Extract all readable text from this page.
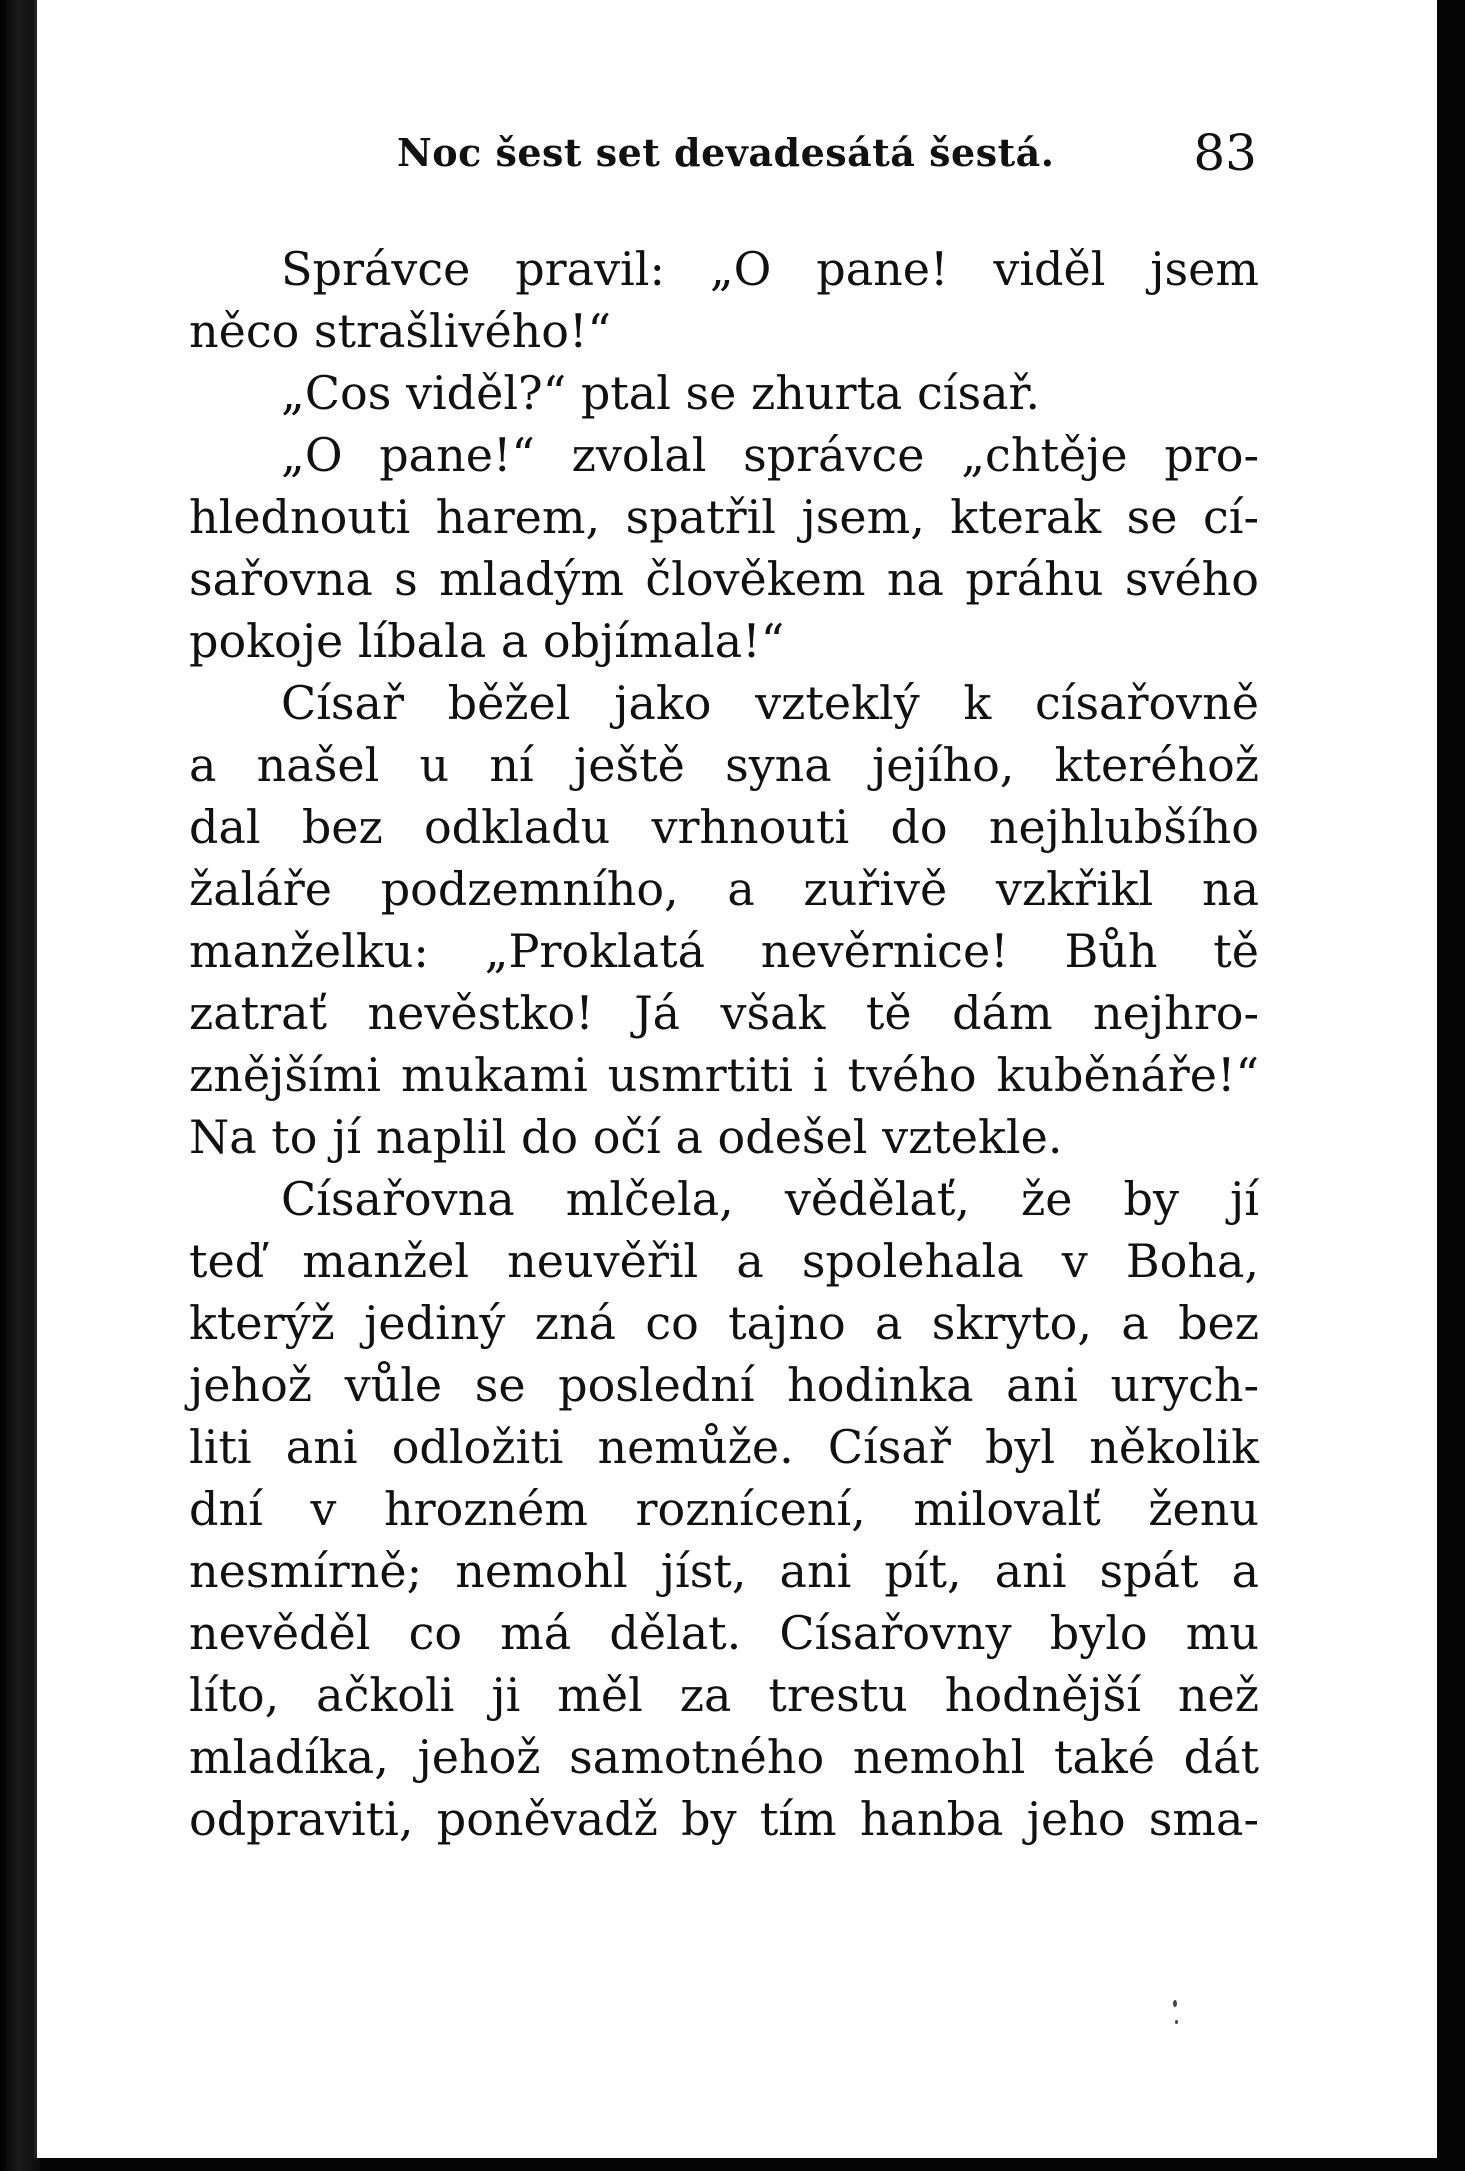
Noc šest set devadesátá šestá.	83
Správce pravil: „O pane! viděl jsem
něco strašlivého!“
„Cos viděl?“ ptal se zhurta císař.
„O pane!“ zvolal správce „chtěje pro-
hlednouti harem, spatřil jsem, kterak se cí-
sařovna s mladým člověkem na práhu svého
pokoje líbala a objímala!“
Císař běžel jako vzteklý k císařovně
a našel u ní ještě syna jejího, kteréhož
dal bez odkladu vrhnouti do nejhlubšího
žaláře podzemního, a zuřivě vzkřikl na
manželku: „Proklatá nevěrnice! Bůh tě
zatrať nevěstko! Já však tě dám nejhro-
znějšími mukami usmrtiti i tvého kuběnáře!“
Na to jí naplil do očí a odešel vztekle.
Císařovna mlčela, vědělať, že by jí
teď manžel neuvěřil a spolehala v Boha,
kterýž jediný zná co tajno a skryto, a bez
jehož vůle se poslední hodinka ani urych-
liti ani odložiti nemůže. Císař byl několik
dní v hrozném roznícení, milovalť ženu
nesmírně; nemohl jíst, ani pít, ani spát a
nevěděl co má dělat. Císařovny bylo mu
líto, ačkoli ji měl za trestu hodnější než
mladíka, jehož samotného nemohl také dát
odpraviti, poněvadž by tím hanba jeho sma-
